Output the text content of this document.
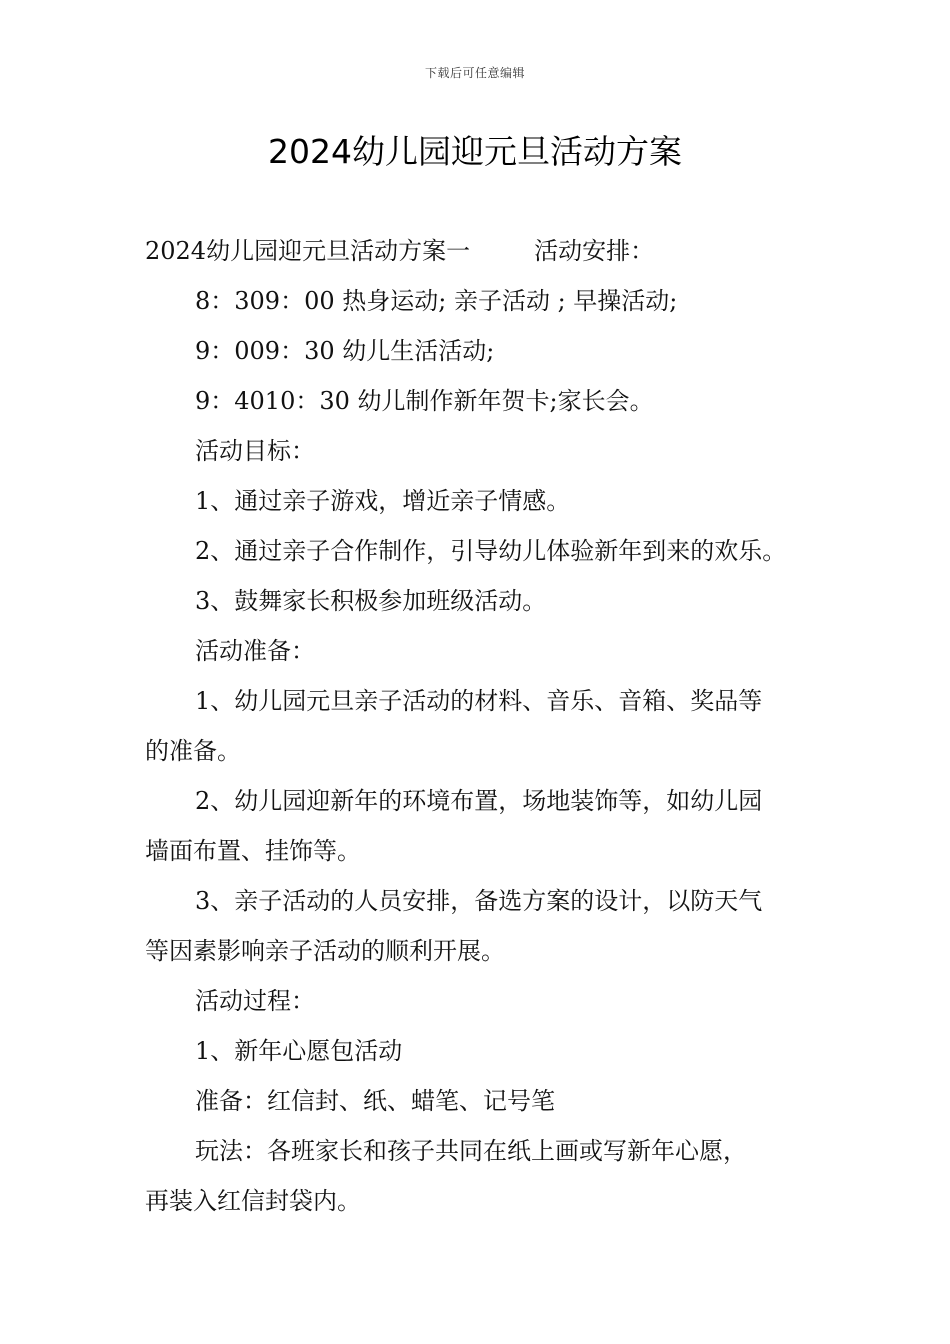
下载后可任意编辑
2024幼儿园迎元旦活动方案

2024幼儿园迎元旦活动方案一	活动安排：

8：309：00 热身运动; 亲子活动 ; 早操活动;

9：009：30 幼儿生活活动;

9：4010：30 幼儿制作新年贺卡;家长会。

活动目标：

1、通过亲子游戏，增近亲子情感。

2、通过亲子合作制作，引导幼儿体验新年到来的欢乐。

3、鼓舞家长积极参加班级活动。

活动准备：

1、幼儿园元旦亲子活动的材料、音乐、音箱、奖品等

的准备。

2、幼儿园迎新年的环境布置，场地装饰等，如幼儿园

墙面布置、挂饰等。

3、亲子活动的人员安排，备选方案的设计，以防天气

等因素影响亲子活动的顺利开展。

活动过程：

1、新年心愿包活动

准备：红信封、纸、蜡笔、记号笔

玩法：各班家长和孩子共同在纸上画或写新年心愿，

再装入红信封袋内。
